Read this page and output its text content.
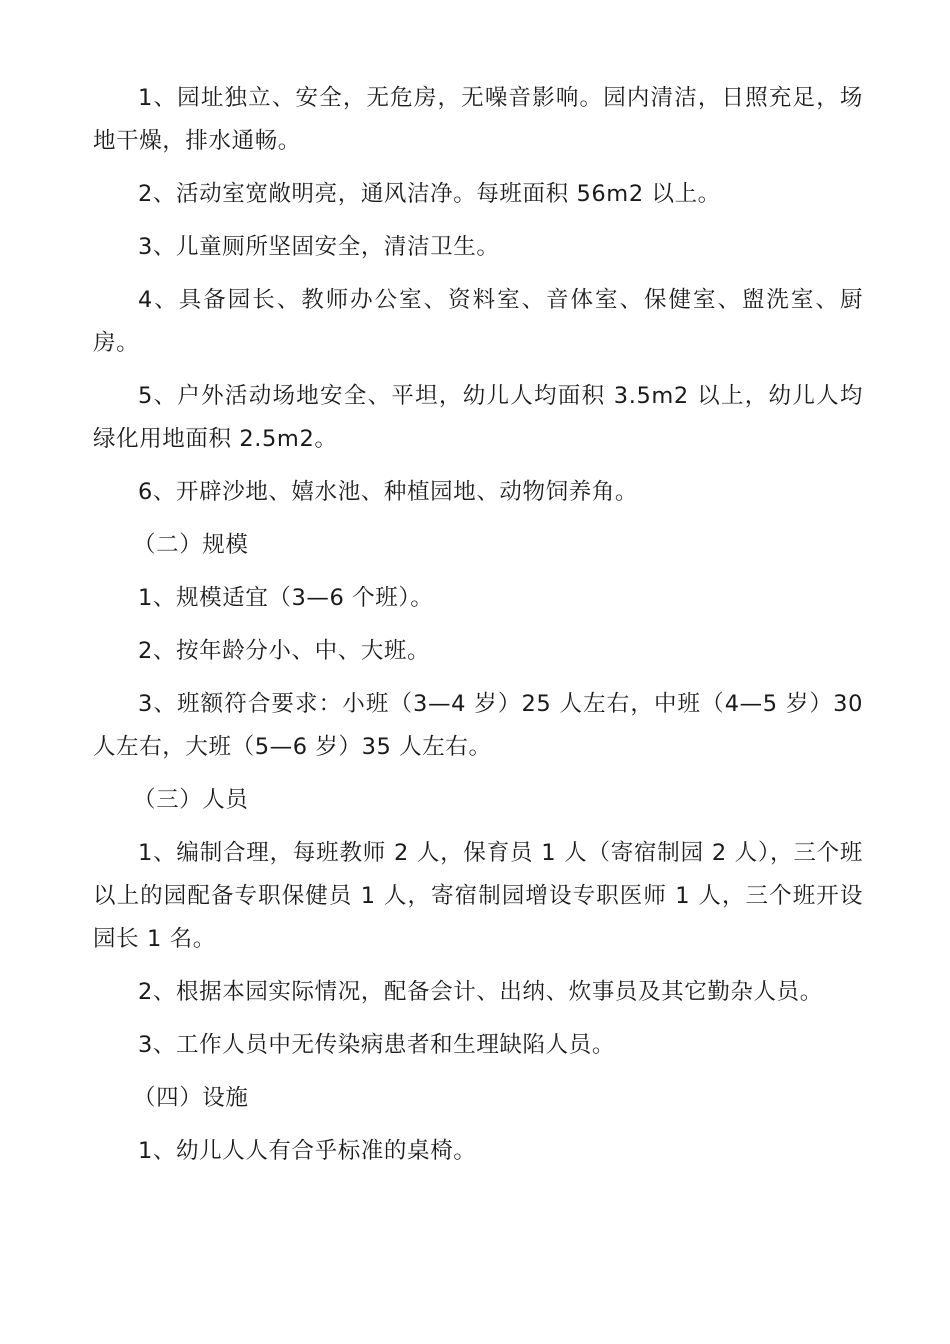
1、园址独立、安全，无危房，无噪音影响。园内清洁，日照充足，场地干燥，排水通畅。

2、活动室宽敞明亮，通风洁净。每班面积 56m2 以上。

3、儿童厕所坚固安全，清洁卫生。

4、具备园长、教师办公室、资料室、音体室、保健室、盥洗室、厨房。

5、户外活动场地安全、平坦，幼儿人均面积 3.5m2 以上，幼儿人均绿化用地面积 2.5m2。

6、开辟沙地、嬉水池、种植园地、动物饲养角。

（二）规模

1、规模适宜（3—6 个班）。

2、按年龄分小、中、大班。

3、班额符合要求：小班（3—4 岁）25 人左右，中班（4—5 岁）30 人左右，大班（5—6 岁）35 人左右。

（三）人员

1、编制合理，每班教师 2 人，保育员 1 人（寄宿制园 2 人），三个班以上的园配备专职保健员 1 人，寄宿制园增设专职医师 1 人，三个班开设园长 1 名。

2、根据本园实际情况，配备会计、出纳、炊事员及其它勤杂人员。

3、工作人员中无传染病患者和生理缺陷人员。

（四）设施

1、幼儿人人有合乎标准的桌椅。
